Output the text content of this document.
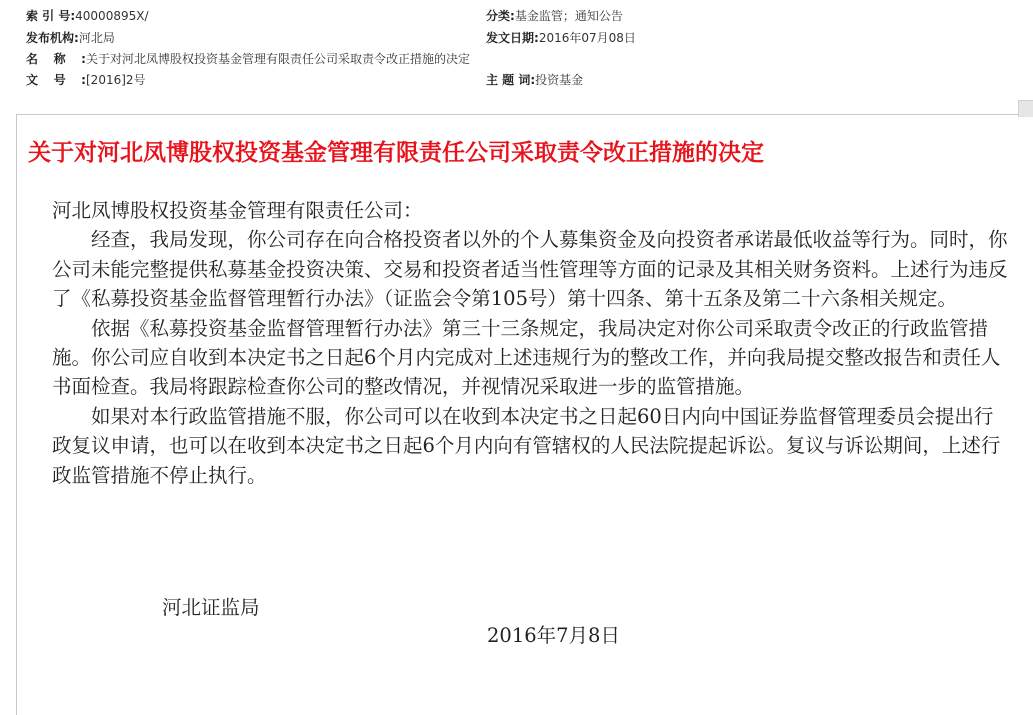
索 引 号:40000895X/	分类:基金监管；通知公告
发布机构:河北局	发文日期:2016年07月08日
名称:关于对河北凤博股权投资基金管理有限责任公司采取责令改正措施的决定
文号:[2016]2号	主 题 词:投资基金
关于对河北凤博股权投资基金管理有限责任公司采取责令改正措施的决定

河北凤博股权投资基金管理有限责任公司：

经查，我局发现，你公司存在向合格投资者以外的个人募集资金及向投资者承诺最低收益等行为。同时，你公司未能完整提供私募基金投资决策、交易和投资者适当性管理等方面的记录及其相关财务资料。上述行为违反了《私募投资基金监督管理暂行办法》（证监会令第105号）第十四条、第十五条及第二十六条相关规定。

依据《私募投资基金监督管理暂行办法》第三十三条规定，我局决定对你公司采取责令改正的行政监管措施。你公司应自收到本决定书之日起6个月内完成对上述违规行为的整改工作，并向我局提交整改报告和责任人书面检查。我局将跟踪检查你公司的整改情况，并视情况采取进一步的监管措施。

如果对本行政监管措施不服，你公司可以在收到本决定书之日起60日内向中国证券监督管理委员会提出行政复议申请，也可以在收到本决定书之日起6个月内向有管辖权的人民法院提起诉讼。复议与诉讼期间，上述行政监管措施不停止执行。

河北证监局
2016年7月8日
